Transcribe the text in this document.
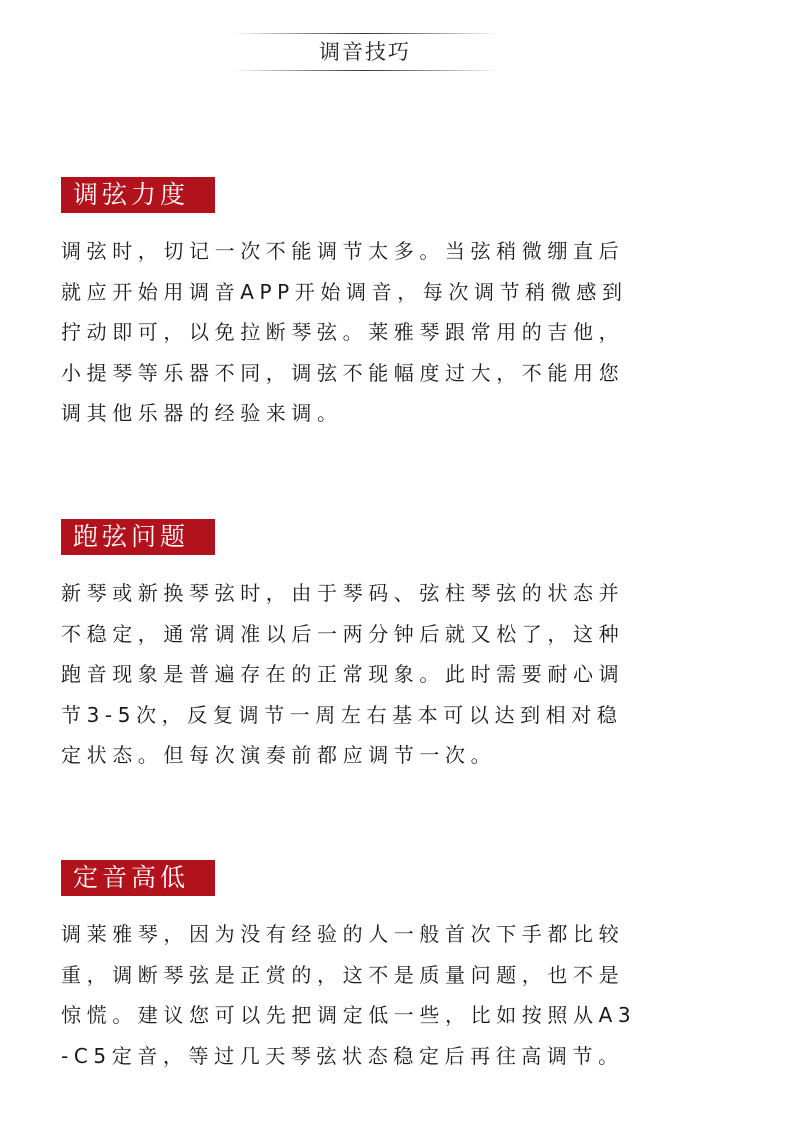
调音技巧
调弦力度

调弦时，切记一次不能调节太多。当弦稍微绷直后
就应开始用调音APP开始调音，每次调节稍微感到
拧动即可，以免拉断琴弦。莱雅琴跟常用的吉他，
小提琴等乐器不同，调弦不能幅度过大，不能用您
调其他乐器的经验来调。

跑弦问题

新琴或新换琴弦时，由于琴码、弦柱琴弦的状态并
不稳定，通常调准以后一两分钟后就又松了，这种
跑音现象是普遍存在的正常现象。此时需要耐心调
节3-5次，反复调节一周左右基本可以达到相对稳
定状态。但每次演奏前都应调节一次。

定音高低

调莱雅琴，因为没有经验的人一般首次下手都比较
重，调断琴弦是正赏的，这不是质量问题，也不是
惊慌。建议您可以先把调定低一些，比如按照从A3
-C5定音，等过几天琴弦状态稳定后再往高调节。
